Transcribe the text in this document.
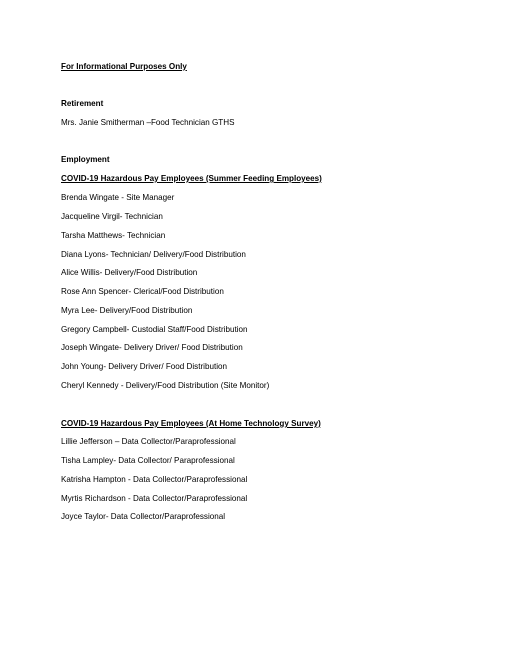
For Informational Purposes Only
Retirement
Mrs. Janie Smitherman –Food Technician GTHS
Employment
COVID-19 Hazardous Pay Employees (Summer Feeding Employees)
Brenda Wingate - Site Manager
Jacqueline Virgil- Technician
Tarsha Matthews- Technician
Diana Lyons- Technician/ Delivery/Food Distribution
Alice Willis- Delivery/Food Distribution
Rose Ann Spencer- Clerical/Food Distribution
Myra Lee- Delivery/Food Distribution
Gregory Campbell- Custodial Staff/Food Distribution
Joseph Wingate- Delivery Driver/ Food Distribution
John Young- Delivery Driver/ Food Distribution
Cheryl Kennedy - Delivery/Food Distribution (Site Monitor)
COVID-19 Hazardous Pay Employees (At Home Technology Survey)
Lillie Jefferson – Data Collector/Paraprofessional
Tisha Lampley- Data Collector/ Paraprofessional
Katrisha Hampton - Data Collector/Paraprofessional
Myrtis Richardson - Data Collector/Paraprofessional
Joyce Taylor- Data Collector/Paraprofessional
